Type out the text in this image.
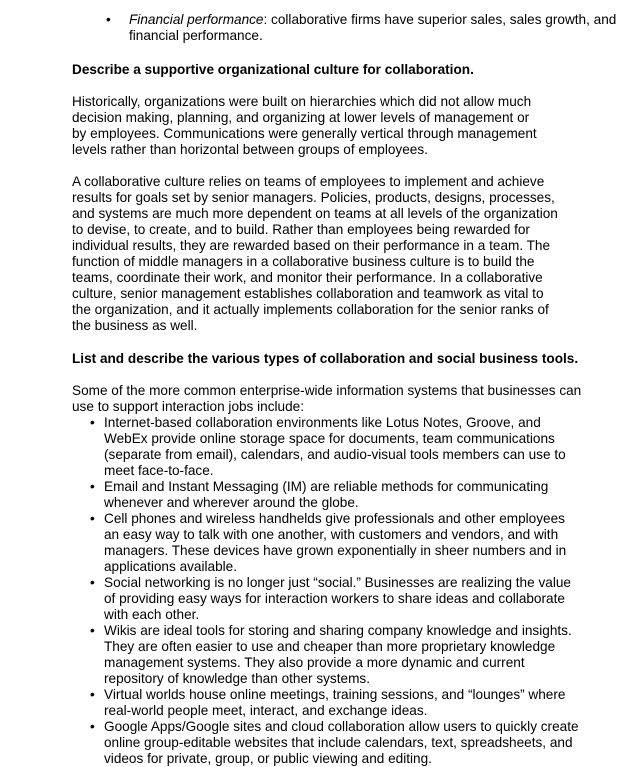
• Financial performance: collaborative firms have superior sales, sales growth, and financial performance.

Describe a supportive organizational culture for collaboration.

Historically, organizations were built on hierarchies which did not allow much decision making, planning, and organizing at lower levels of management or by employees. Communications were generally vertical through management levels rather than horizontal between groups of employees.

A collaborative culture relies on teams of employees to implement and achieve results for goals set by senior managers. Policies, products, designs, processes, and systems are much more dependent on teams at all levels of the organization to devise, to create, and to build. Rather than employees being rewarded for individual results, they are rewarded based on their performance in a team. The function of middle managers in a collaborative business culture is to build the teams, coordinate their work, and monitor their performance. In a collaborative culture, senior management establishes collaboration and teamwork as vital to the organization, and it actually implements collaboration for the senior ranks of the business as well.

List and describe the various types of collaboration and social business tools.

Some of the more common enterprise-wide information systems that businesses can use to support interaction jobs include:

• Internet-based collaboration environments like Lotus Notes, Groove, and WebEx provide online storage space for documents, team communications (separate from email), calendars, and audio-visual tools members can use to meet face-to-face.
• Email and Instant Messaging (IM) are reliable methods for communicating whenever and wherever around the globe.
• Cell phones and wireless handhelds give professionals and other employees an easy way to talk with one another, with customers and vendors, and with managers. These devices have grown exponentially in sheer numbers and in applications available.
• Social networking is no longer just “social.” Businesses are realizing the value of providing easy ways for interaction workers to share ideas and collaborate with each other.
• Wikis are ideal tools for storing and sharing company knowledge and insights. They are often easier to use and cheaper than more proprietary knowledge management systems. They also provide a more dynamic and current repository of knowledge than other systems.
• Virtual worlds house online meetings, training sessions, and “lounges” where real-world people meet, interact, and exchange ideas.
• Google Apps/Google sites and cloud collaboration allow users to quickly create online group-editable websites that include calendars, text, spreadsheets, and videos for private, group, or public viewing and editing.
